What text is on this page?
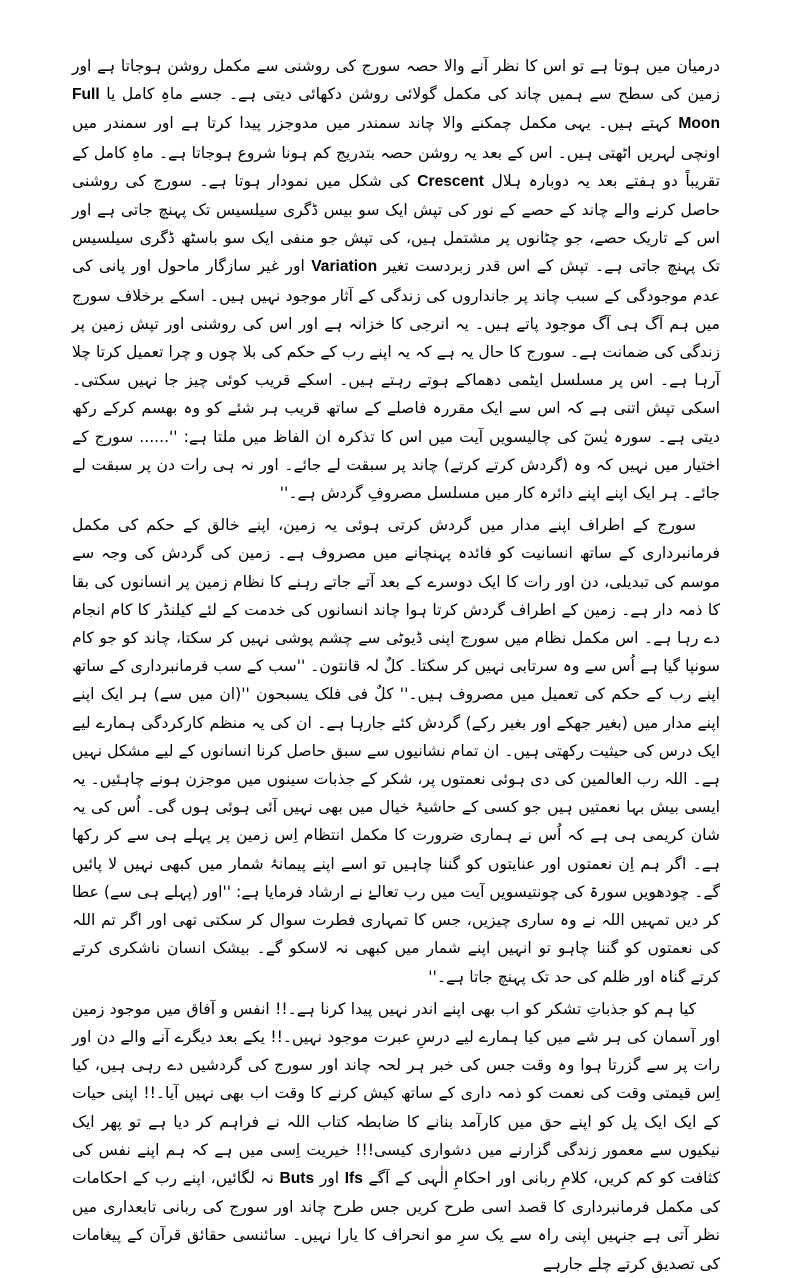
درمیان میں ہوتا ہے تو اس کا نظر آنے والا حصہ سورج کی روشنی سے مکمل روشن ہوجاتا ہے اور زمین کی سطح سے ہمیں چاند کی مکمل گولائی روشن دکھائی دیتی ہے۔ جسے ماہِ کامل یا Full Moon کہتے ہیں۔ یہی مکمل چمکنے والا چاند سمندر میں مدوجزر پیدا کرتا ہے اور سمندر میں اونچی لہریں اٹھتی ہیں۔ اس کے بعد یہ روشن حصہ بتدریج کم ہونا شروع ہوجاتا ہے۔ ماہِ کامل کے تقریباً دو ہفتے بعد یہ دوبارہ ہلال Crescent کی شکل میں نمودار ہوتا ہے۔ سورج کی روشنی حاصل کرنے والے چاند کے حصے کے نور کی تپش ایک سو بیس ڈگری سیلسیس تک پہنچ جاتی ہے اور اس کے تاریک حصے، جو چٹانوں پر مشتمل ہیں، کی تپش جو منفی ایک سو باسٹھ ڈگری سیلسیس تک پہنچ جاتی ہے۔ تپش کے اس قدر زبردست تغیر Variation اور غیر سازگار ماحول اور پانی کی عدم موجودگی کے سبب چاند پر جانداروں کی زندگی کے آثار موجود نہیں ہیں۔ اسکے برخلاف سورج میں ہم آگ ہی آگ موجود پاتے ہیں۔ یہ انرجی کا خزانہ ہے اور اس کی روشنی اور تپش زمین پر زندگی کی ضمانت ہے۔ سورج کا حال یہ ہے کہ یہ اپنے رب کے حکم کی بلا چوں و چرا تعمیل کرتا چلا آرہا ہے۔ اس پر مسلسل ایٹمی دھماکے ہوتے رہتے ہیں۔ اسکے قریب کوئی چیز جا نہیں سکتی۔ اسکی تپش اتنی ہے کہ اس سے ایک مقررہ فاصلے کے ساتھ قریب ہر شئے کو وہ بھسم کرکے رکھ دیتی ہے۔ سورہ یٰسٓ کی چالیسویں آیت میں اس کا تذکرہ ان الفاظ میں ملتا ہے: ''...... سورج کے اختیار میں نہیں کہ وہ (گردش کرتے کرتے) چاند پر سبقت لے جائے۔ اور نہ ہی رات دن پر سبقت لے جائے۔ ہر ایک اپنے اپنے دائرہ کار میں مسلسل مصروفِ گردش ہے۔''

سورج کے اطراف اپنے مدار میں گردش کرتی ہوئی یہ زمین، اپنے خالق کے حکم کی مکمل فرمانبرداری کے ساتھ انسانیت کو فائدہ پہنچانے میں مصروف ہے۔ زمین کی گردش کی وجہ سے موسم کی تبدیلی، دن اور رات کا ایک دوسرے کے بعد آتے جاتے رہنے کا نظام زمین پر انسانوں کی بقا کا ذمہ دار ہے۔ زمین کے اطراف گردش کرتا ہوا چاند انسانوں کی خدمت کے لئے کیلنڈر کا کام انجام دے رہا ہے۔ اس مکمل نظام میں سورج اپنی ڈیوٹی سے چشم پوشی نہیں کر سکتا، چاند کو جو کام سونپا گیا ہے اُس سے وہ سرتابی نہیں کر سکتا۔ کلٌ لہ قانتون۔ ''سب کے سب فرمانبرداری کے ساتھ اپنے رب کے حکم کی تعمیل میں مصروف ہیں۔'' کلٌ فی فلک یسبحون ''(ان میں سے) ہر ایک اپنے اپنے مدار میں (بغیر جھکے اور بغیر رکے) گردش کئے جارہا ہے۔ ان کی یہ منظم کارکردگی ہمارے لیے ایک درس کی حیثیت رکھتی ہیں۔ ان تمام نشانیوں سے سبق حاصل کرنا انسانوں کے لیے مشکل نہیں ہے۔ اللہ رب العالمین کی دی ہوئی نعمتوں پر، شکر کے جذبات سینوں میں موجزن ہونے چاہئیں۔ یہ ایسی بیش بہا نعمتیں ہیں جو کسی کے حاشیۂ خیال میں بھی نہیں آئی ہوئی ہوں گی۔ اُس کی یہ شان کریمی ہی ہے کہ اُس نے ہماری ضرورت کا مکمل انتظام اِس زمین پر پہلے ہی سے کر رکھا ہے۔ اگر ہم اِن نعمتوں اور عنایتوں کو گننا چاہیں تو اسے اپنے پیمانۂ شمار میں کبھی نہیں لا پائیں گے۔ چودھویں سورۃ کی چونتیسویں آیت میں رب تعالےٰ نے ارشاد فرمایا ہے: ''اور (پہلے ہی سے) عطا کر دیں تمہیں اللہ نے وہ ساری چیزیں، جس کا تمہاری فطرت سوال کر سکتی تھی اور اگر تم اللہ کی نعمتوں کو گننا چاہو تو انہیں اپنے شمار میں کبھی نہ لاسکو گے۔ بیشک انسان ناشکری کرتے کرتے گناہ اور ظلم کی حد تک پہنچ جاتا ہے۔''

کیا ہم کو جذباتِ تشکر کو اب بھی اپنے اندر نہیں پیدا کرنا ہے۔!! انفس و آفاق میں موجود زمین اور آسمان کی ہر شے میں کیا ہمارے لیے درسِ عبرت موجود نہیں۔!! یکے بعد دیگرے آنے والے دن اور رات پر سے گزرتا ہوا وہ وقت جس کی خبر ہر لحہ چاند اور سورج کی گردشیں دے رہی ہیں، کیا اِس قیمتی وقت کی نعمت کو ذمہ داری کے ساتھ کیش کرنے کا وقت اب بھی نہیں آیا۔!! اپنی حیات کے ایک ایک پل کو اپنے حق میں کارآمد بنانے کا ضابطہ کتاب اللہ نے فراہم کر دیا ہے تو پھر ایک نیکیوں سے معمور زندگی گزارنے میں دشواری کیسی!!! خیریت اِسی میں ہے کہ ہم اپنے نفس کی کثافت کو کم کریں، کلامِ ربانی اور احکامِ الٰہی کے آگے Ifs اور Buts نہ لگائیں، اپنے رب کے احکامات کی مکمل فرمانبرداری کا قصد اسی طرح کریں جس طرح چاند اور سورج کی ربانی تابعداری میں نظر آتی ہے جنہیں اپنی راہ سے یک سرِ مو انحراف کا یارا نہیں۔ سائنسی حقائق قرآن کے پیغامات کی تصدیق کرتے چلے جارہے
